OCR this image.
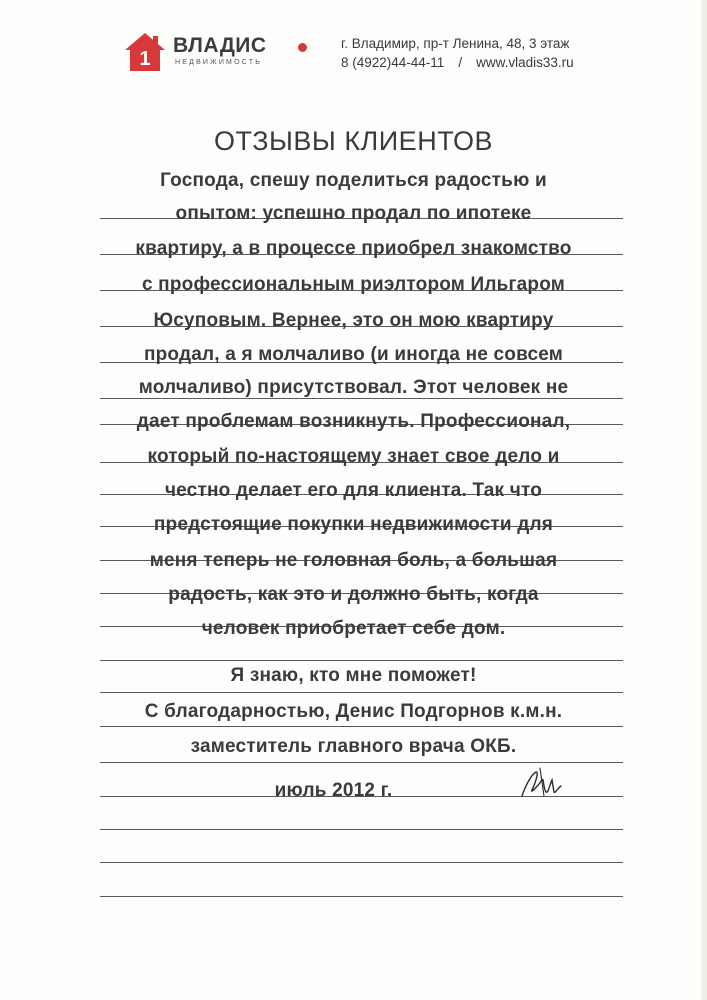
1
ВЛАДИС
НЕДВИЖИМОСТЬ
г. Владимир, пр-т Ленина, 48, 3 этаж
8 (4922)44-44-11 / www.vladis33.ru
ОТЗЫВЫ КЛИЕНТОВ
Господа, спешу поделиться радостью и
опытом: успешно продал по ипотеке
квартиру, а в процессе приобрел знакомство
с профессиональным риэлтором Ильгаром
Юсуповым. Вернее, это он мою квартиру
продал, а я молчаливо (и иногда не совсем
молчаливо) присутствовал. Этот человек не
дает проблемам возникнуть. Профессионал,
который по-настоящему знает свое дело и
честно делает его для клиента. Так что
предстоящие покупки недвижимости для
меня теперь не головная боль, а большая
радость, как это и должно быть, когда
человек приобретает себе дом.
Я знаю, кто мне поможет!
С благодарностью, Денис Подгорнов к.м.н.
заместитель главного врача ОКБ.
июль 2012 г.
